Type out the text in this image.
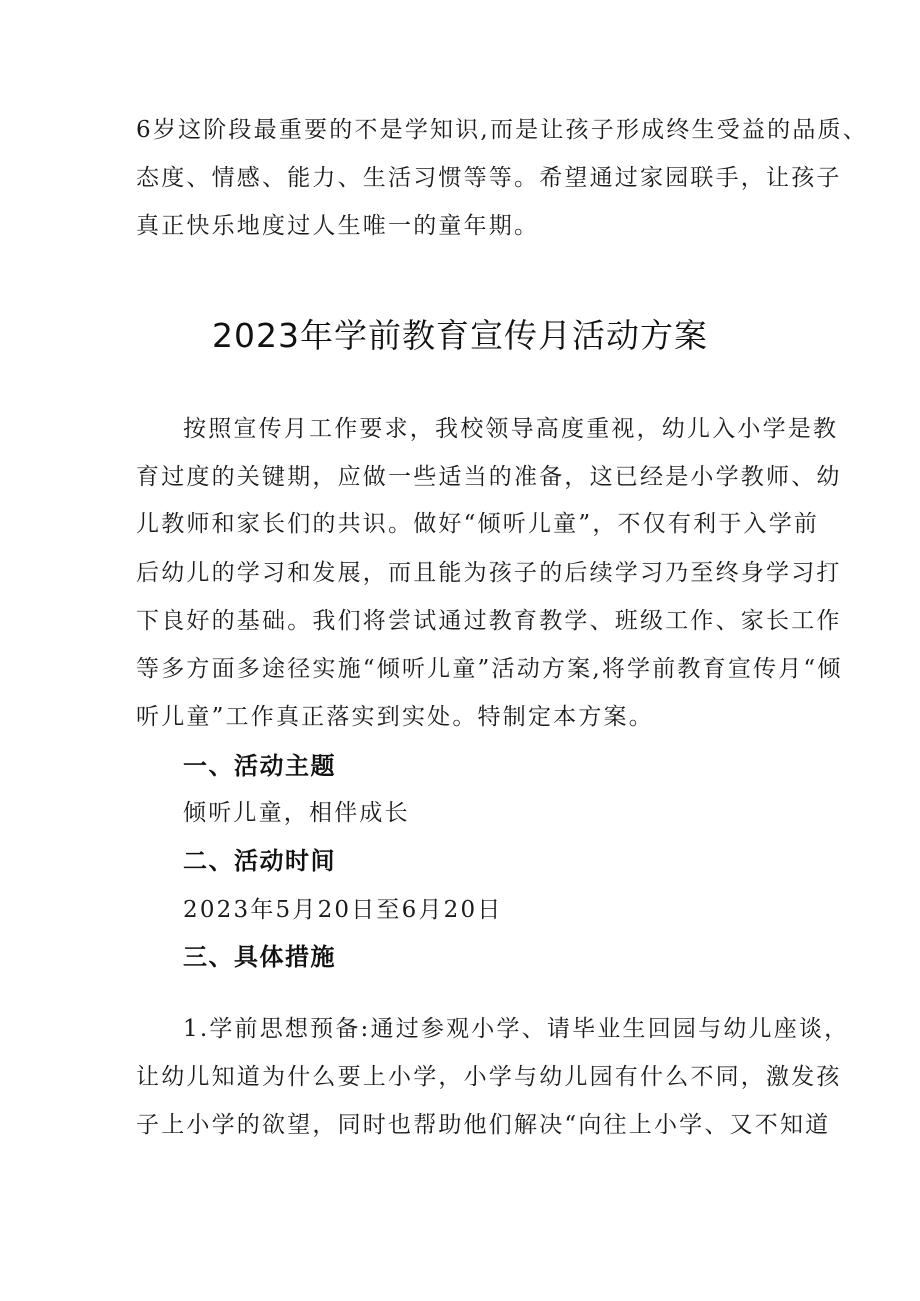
6岁这阶段最重要的不是学知识,而是让孩子形成终生受益的品质、
态度、情感、能力、生活习惯等等。希望通过家园联手，让孩子
真正快乐地度过人生唯一的童年期。
2023年学前教育宣传月活动方案
按照宣传月工作要求，我校领导高度重视，幼儿入小学是教
育过度的关键期，应做一些适当的准备，这已经是小学教师、幼
儿教师和家长们的共识。做好“倾听儿童”，不仅有利于入学前
后幼儿的学习和发展，而且能为孩子的后续学习乃至终身学习打
下良好的基础。我们将尝试通过教育教学、班级工作、家长工作
等多方面多途径实施“倾听儿童”活动方案,将学前教育宣传月“倾
听儿童”工作真正落实到实处。特制定本方案。
一、活动主题
倾听儿童，相伴成长
二、活动时间
2023年5月20日至6月20日
三、具体措施
1.学前思想预备:通过参观小学、请毕业生回园与幼儿座谈，
让幼儿知道为什么要上小学，小学与幼儿园有什么不同，激发孩
子上小学的欲望，同时也帮助他们解决“向往上小学、又不知道
